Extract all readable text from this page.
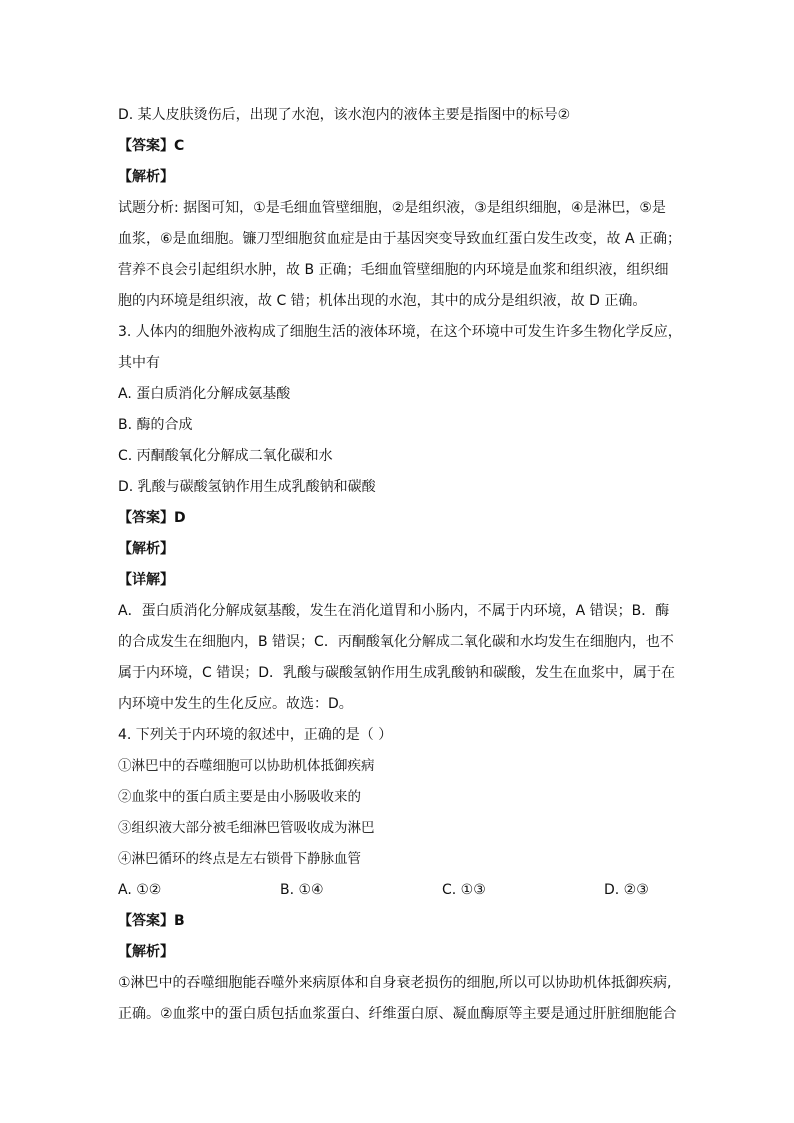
D. 某人皮肤烫伤后，出现了水泡，该水泡内的液体主要是指图中的标号②
【答案】C
【解析】
试题分析: 据图可知，①是毛细血管壁细胞，②是组织液，③是组织细胞，④是淋巴，⑤是
血浆，⑥是血细胞。镰刀型细胞贫血症是由于基因突变导致血红蛋白发生改变，故 A 正确；
营养不良会引起组织水肿，故 B 正确；毛细血管壁细胞的内环境是血浆和组织液，组织细
胞的内环境是组织液，故 C 错；机体出现的水泡，其中的成分是组织液，故 D 正确。
3. 人体内的细胞外液构成了细胞生活的液体环境，在这个环境中可发生许多生物化学反应，
其中有
A. 蛋白质消化分解成氨基酸
B. 酶的合成
C. 丙酮酸氧化分解成二氧化碳和水
D. 乳酸与碳酸氢钠作用生成乳酸钠和碳酸
【答案】D
【解析】
【详解】
A．蛋白质消化分解成氨基酸，发生在消化道胃和小肠内，不属于内环境，A 错误；B．酶
的合成发生在细胞内，B 错误；C．丙酮酸氧化分解成二氧化碳和水均发生在细胞内，也不
属于内环境，C 错误；D．乳酸与碳酸氢钠作用生成乳酸钠和碳酸，发生在血浆中，属于在
内环境中发生的生化反应。故选：D。
4. 下列关于内环境的叙述中，正确的是（ ）
①淋巴中的吞噬细胞可以协助机体抵御疾病
②血浆中的蛋白质主要是由小肠吸收来的
③组织液大部分被毛细淋巴管吸收成为淋巴
④淋巴循环的终点是左右锁骨下静脉血管
A. ①②	B. ①④	C. ①③	D. ②③
【答案】B
【解析】
①淋巴中的吞噬细胞能吞噬外来病原体和自身衰老损伤的细胞,所以可以协助机体抵御疾病,
正确。②血浆中的蛋白质包括血浆蛋白、纤维蛋白原、凝血酶原等主要是通过肝脏细胞能合
